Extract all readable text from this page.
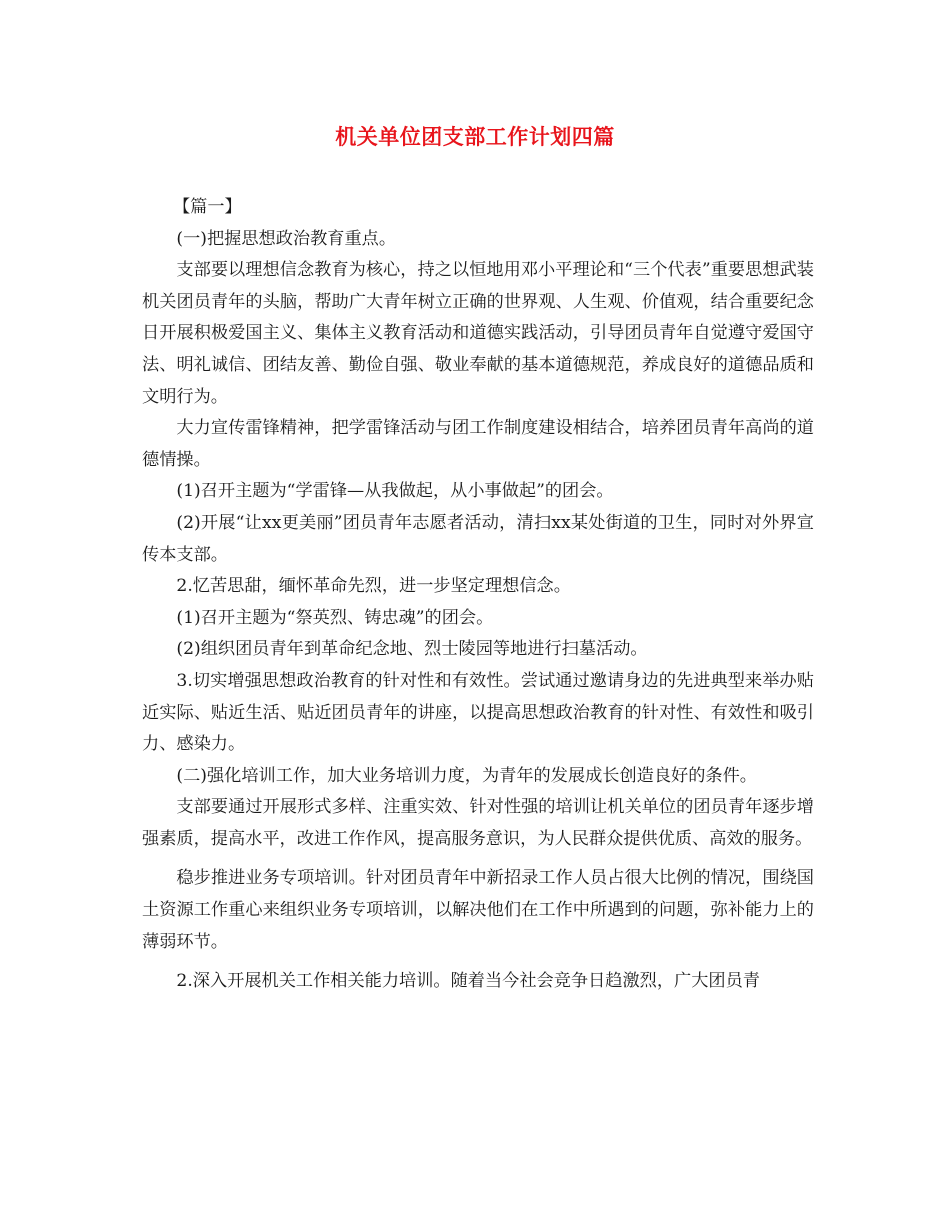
机关单位团支部工作计划四篇

【篇一】

(一)把握思想政治教育重点。

支部要以理想信念教育为核心，持之以恒地用邓小平理论和“三个代表”重要思想武装机关团员青年的头脑，帮助广大青年树立正确的世界观、人生观、价值观，结合重要纪念日开展积极爱国主义、集体主义教育活动和道德实践活动，引导团员青年自觉遵守爱国守法、明礼诚信、团结友善、勤俭自强、敬业奉献的基本道德规范，养成良好的道德品质和文明行为。

大力宣传雷锋精神，把学雷锋活动与团工作制度建设相结合，培养团员青年高尚的道德情操。

(1)召开主题为“学雷锋—从我做起，从小事做起”的团会。

(2)开展“让xx更美丽”团员青年志愿者活动，清扫xx某处街道的卫生，同时对外界宣传本支部。

2.忆苦思甜，缅怀革命先烈，进一步坚定理想信念。

(1)召开主题为“祭英烈、铸忠魂”的团会。

(2)组织团员青年到革命纪念地、烈士陵园等地进行扫墓活动。

3.切实增强思想政治教育的针对性和有效性。尝试通过邀请身边的先进典型来举办贴近实际、贴近生活、贴近团员青年的讲座，以提高思想政治教育的针对性、有效性和吸引力、感染力。

(二)强化培训工作，加大业务培训力度，为青年的发展成长创造良好的条件。

支部要通过开展形式多样、注重实效、针对性强的培训让机关单位的团员青年逐步增强素质，提高水平，改进工作作风，提高服务意识，为人民群众提供优质、高效的服务。

稳步推进业务专项培训。针对团员青年中新招录工作人员占很大比例的情况，围绕国土资源工作重心来组织业务专项培训，以解决他们在工作中所遇到的问题，弥补能力上的薄弱环节。

2.深入开展机关工作相关能力培训。随着当今社会竞争日趋激烈，广大团员青
